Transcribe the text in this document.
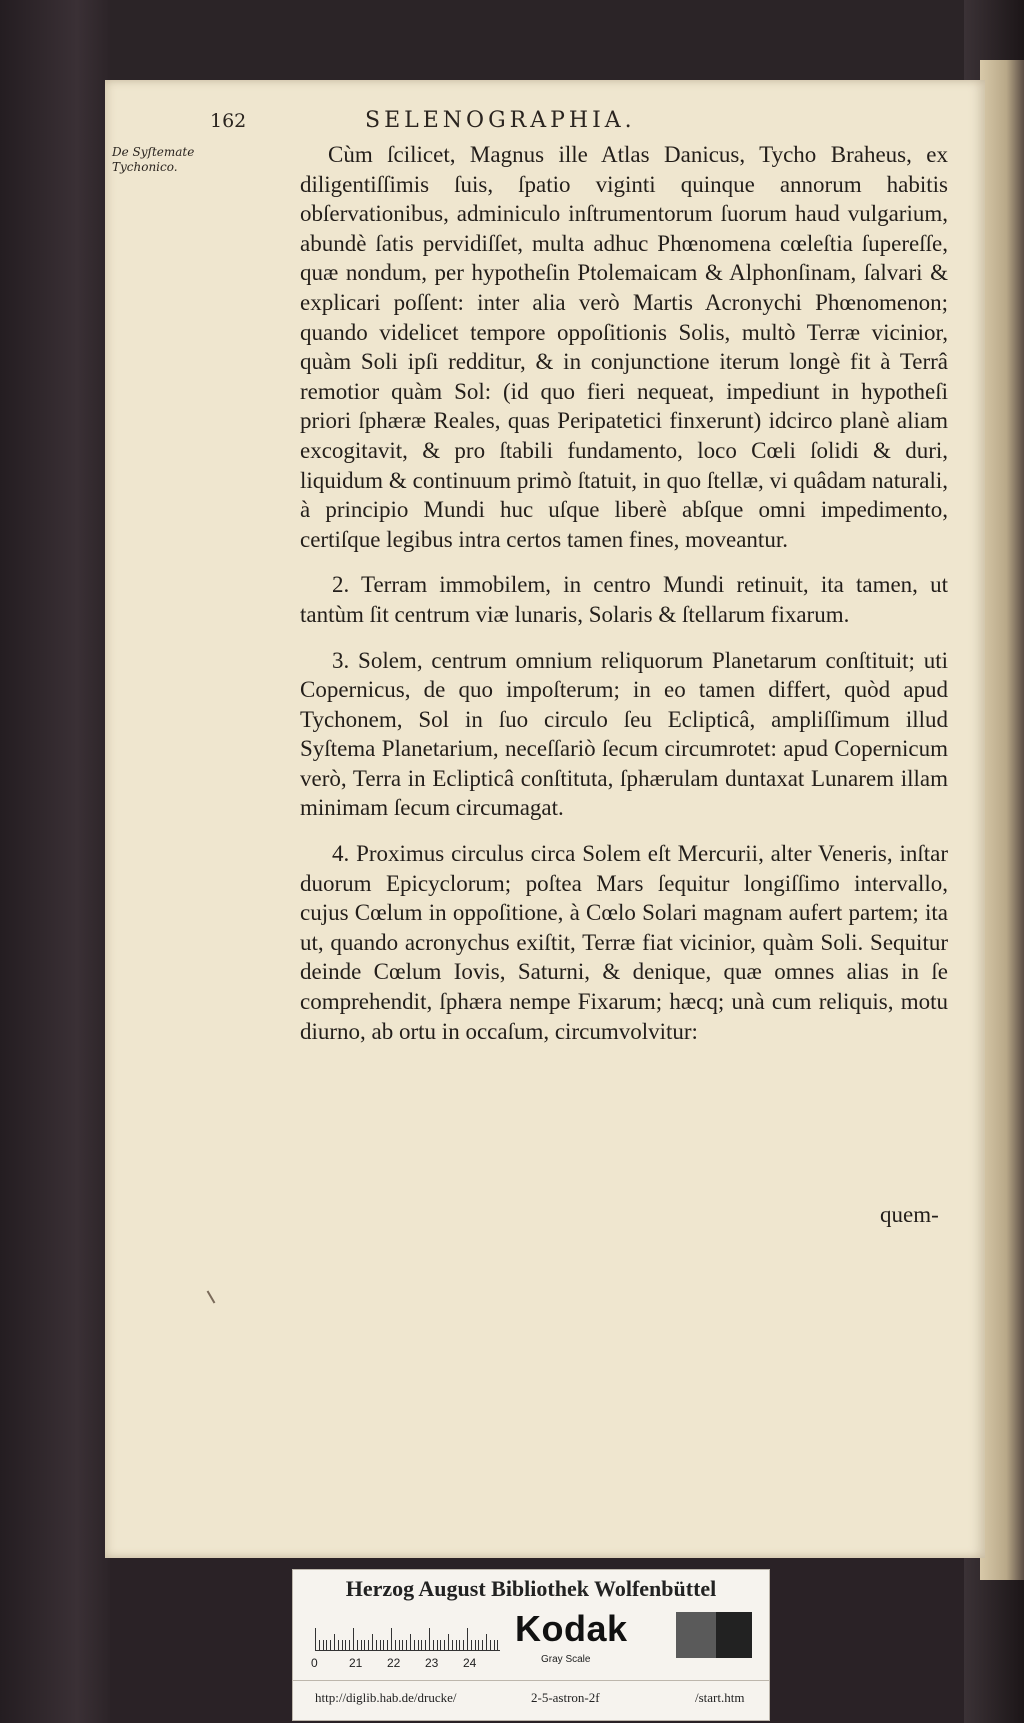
162	SELENOGRAPHIA.
De Syſtemate
Tychonico.	Cùm ſcilicet, Magnus ille Atlas Danicus, Tycho Braheus, ex diligentiſſimis ſuis, ſpatio viginti quinque annorum habitis obſervationibus, adminiculo inſtrumentorum ſuorum haud vulgarium, abundè ſatis pervidiſſet, multa adhuc Phœnomena cœleſtia ſupereſſe, quæ nondum, per hypotheſin Ptolemaicam & Alphonſinam, ſalvari & explicari poſſent: inter alia verò Martis Acronychi Phœnomenon; quando videlicet tempore oppoſitionis Solis, multò Terræ vicinior, quàm Soli ipſi redditur, & in conjunctione iterum longè fit à Terrâ remotior quàm Sol: (id quo fieri nequeat, impediunt in hypotheſi priori ſphæræ Reales, quas Peripatetici finxerunt) idcirco planè aliam excogitavit, & pro ſtabili fundamento, loco Cœli ſolidi & duri, liquidum & continuum primò ſtatuit, in quo ſtellæ, vi quâdam naturali, à principio Mundi huc uſque liberè abſque omni impedimento, certiſque legibus intra certos tamen fines, moveantur.

2. Terram immobilem, in centro Mundi retinuit, ita tamen, ut tantùm ſit centrum viæ lunaris, Solaris & ſtellarum fixarum.

3. Solem, centrum omnium reliquorum Planetarum conſtituit; uti Copernicus, de quo impoſterum; in eo tamen differt, quòd apud Tychonem, Sol in ſuo circulo ſeu Eclipticâ, ampliſſimum illud Syſtema Planetarium, neceſſariò ſecum circumrotet: apud Copernicum verò, Terra in Eclipticâ conſtituta, ſphærulam duntaxat Lunarem illam minimam ſecum circumagat.

4. Proximus circulus circa Solem eſt Mercurii, alter Veneris, inſtar duorum Epicyclorum; poſtea Mars ſequitur longiſſimo intervallo, cujus Cœlum in oppoſitione, à Cœlo Solari magnam aufert partem; ita ut, quando acronychus exiſtit, Terræ fiat vicinior, quàm Soli. Sequitur deinde Cœlum Iovis, Saturni, & denique, quæ omnes alias in ſe comprehendit, ſphæra nempe Fixarum; hæcq; unà cum reliquis, motu diurno, ab ortu in occaſum, circumvolvitur:

quem-
Herzog August Bibliothek Wolfenbüttel
0	21 22 23 24
Kodak
Gray Scale
http://diglib.hab.de/drucke/	2-5-astron-2f	/start.htm
